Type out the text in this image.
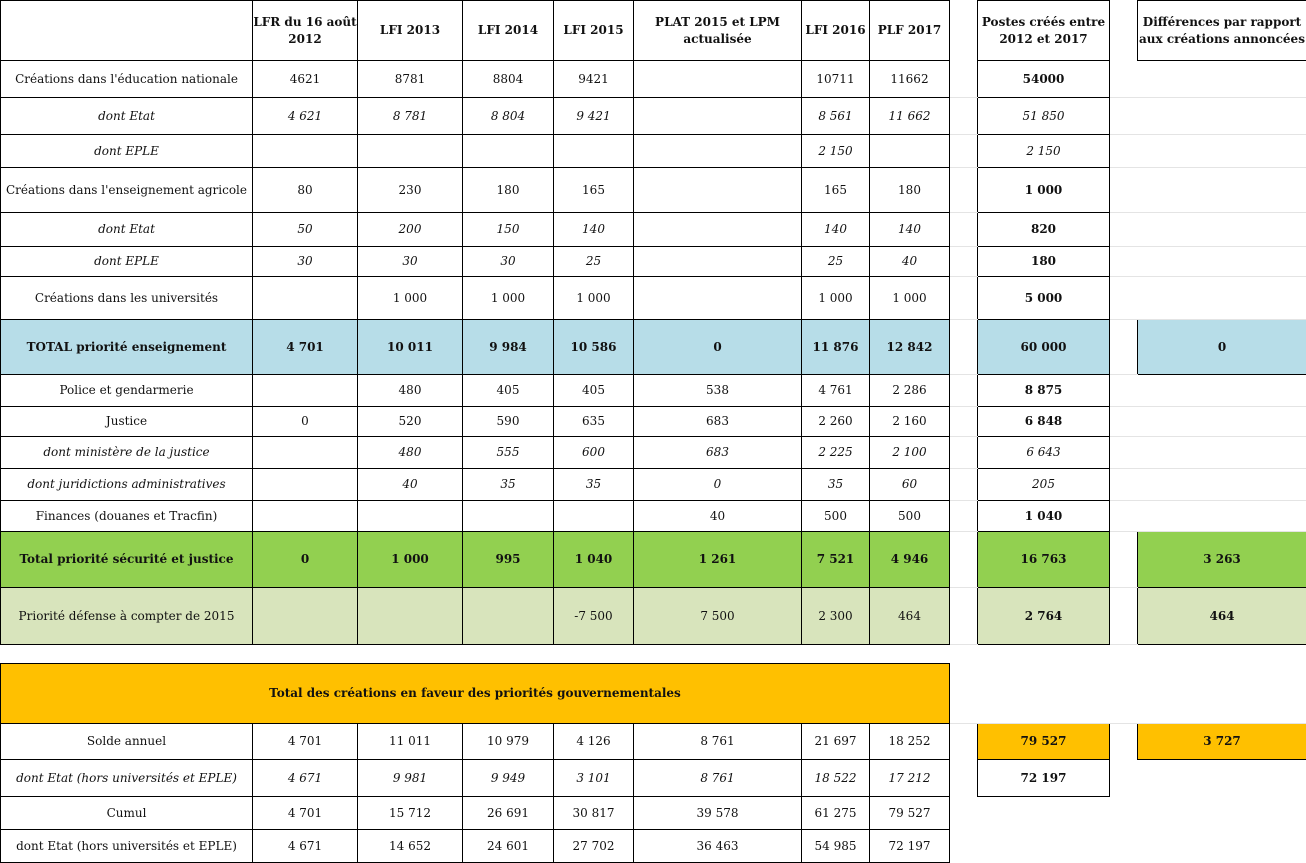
	LFR du 16 août 2012	LFI 2013	LFI 2014	LFI 2015	PLAT 2015 et LPM actualisée	LFI 2016	PLF 2017		Postes créés entre 2012 et 2017		Différences par rapport aux créations annoncées
Créations dans l'éducation nationale	4621	8781	8804	9421		10711	11662		54000		
dont Etat	4 621	8 781	8 804	9 421		8 561	11 662		51 850		
dont EPLE						2 150			2 150		
Créations dans l'enseignement agricole	80	230	180	165		165	180		1 000		
dont Etat	50	200	150	140		140	140		820		
dont EPLE	30	30	30	25		25	40		180		
Créations dans les universités		1 000	1 000	1 000		1 000	1 000		5 000		
TOTAL priorité enseignement	4 701	10 011	9 984	10 586	0	11 876	12 842		60 000		0
Police et gendarmerie		480	405	405	538	4 761	2 286		8 875		
Justice	0	520	590	635	683	2 260	2 160		6 848		
dont ministère de la justice		480	555	600	683	2 225	2 100		6 643		
dont juridictions administratives		40	35	35	0	35	60		205		
Finances (douanes et Tracfin)					40	500	500		1 040		
Total priorité sécurité et justice	0	1 000	995	1 040	1 261	7 521	4 946		16 763		3 263
Priorité défense à compter de 2015				-7 500	7 500	2 300	464		2 764		464

Total des créations en faveur des priorités gouvernementales											
Solde annuel	4 701	11 011	10 979	4 126	8 761	21 697	18 252		79 527		3 727
dont Etat (hors universités et EPLE)	4 671	9 981	9 949	3 101	8 761	18 522	17 212		72 197		
Cumul	4 701	15 712	26 691	30 817	39 578	61 275	79 527				
dont Etat (hors universités et EPLE)	4 671	14 652	24 601	27 702	36 463	54 985	72 197				
